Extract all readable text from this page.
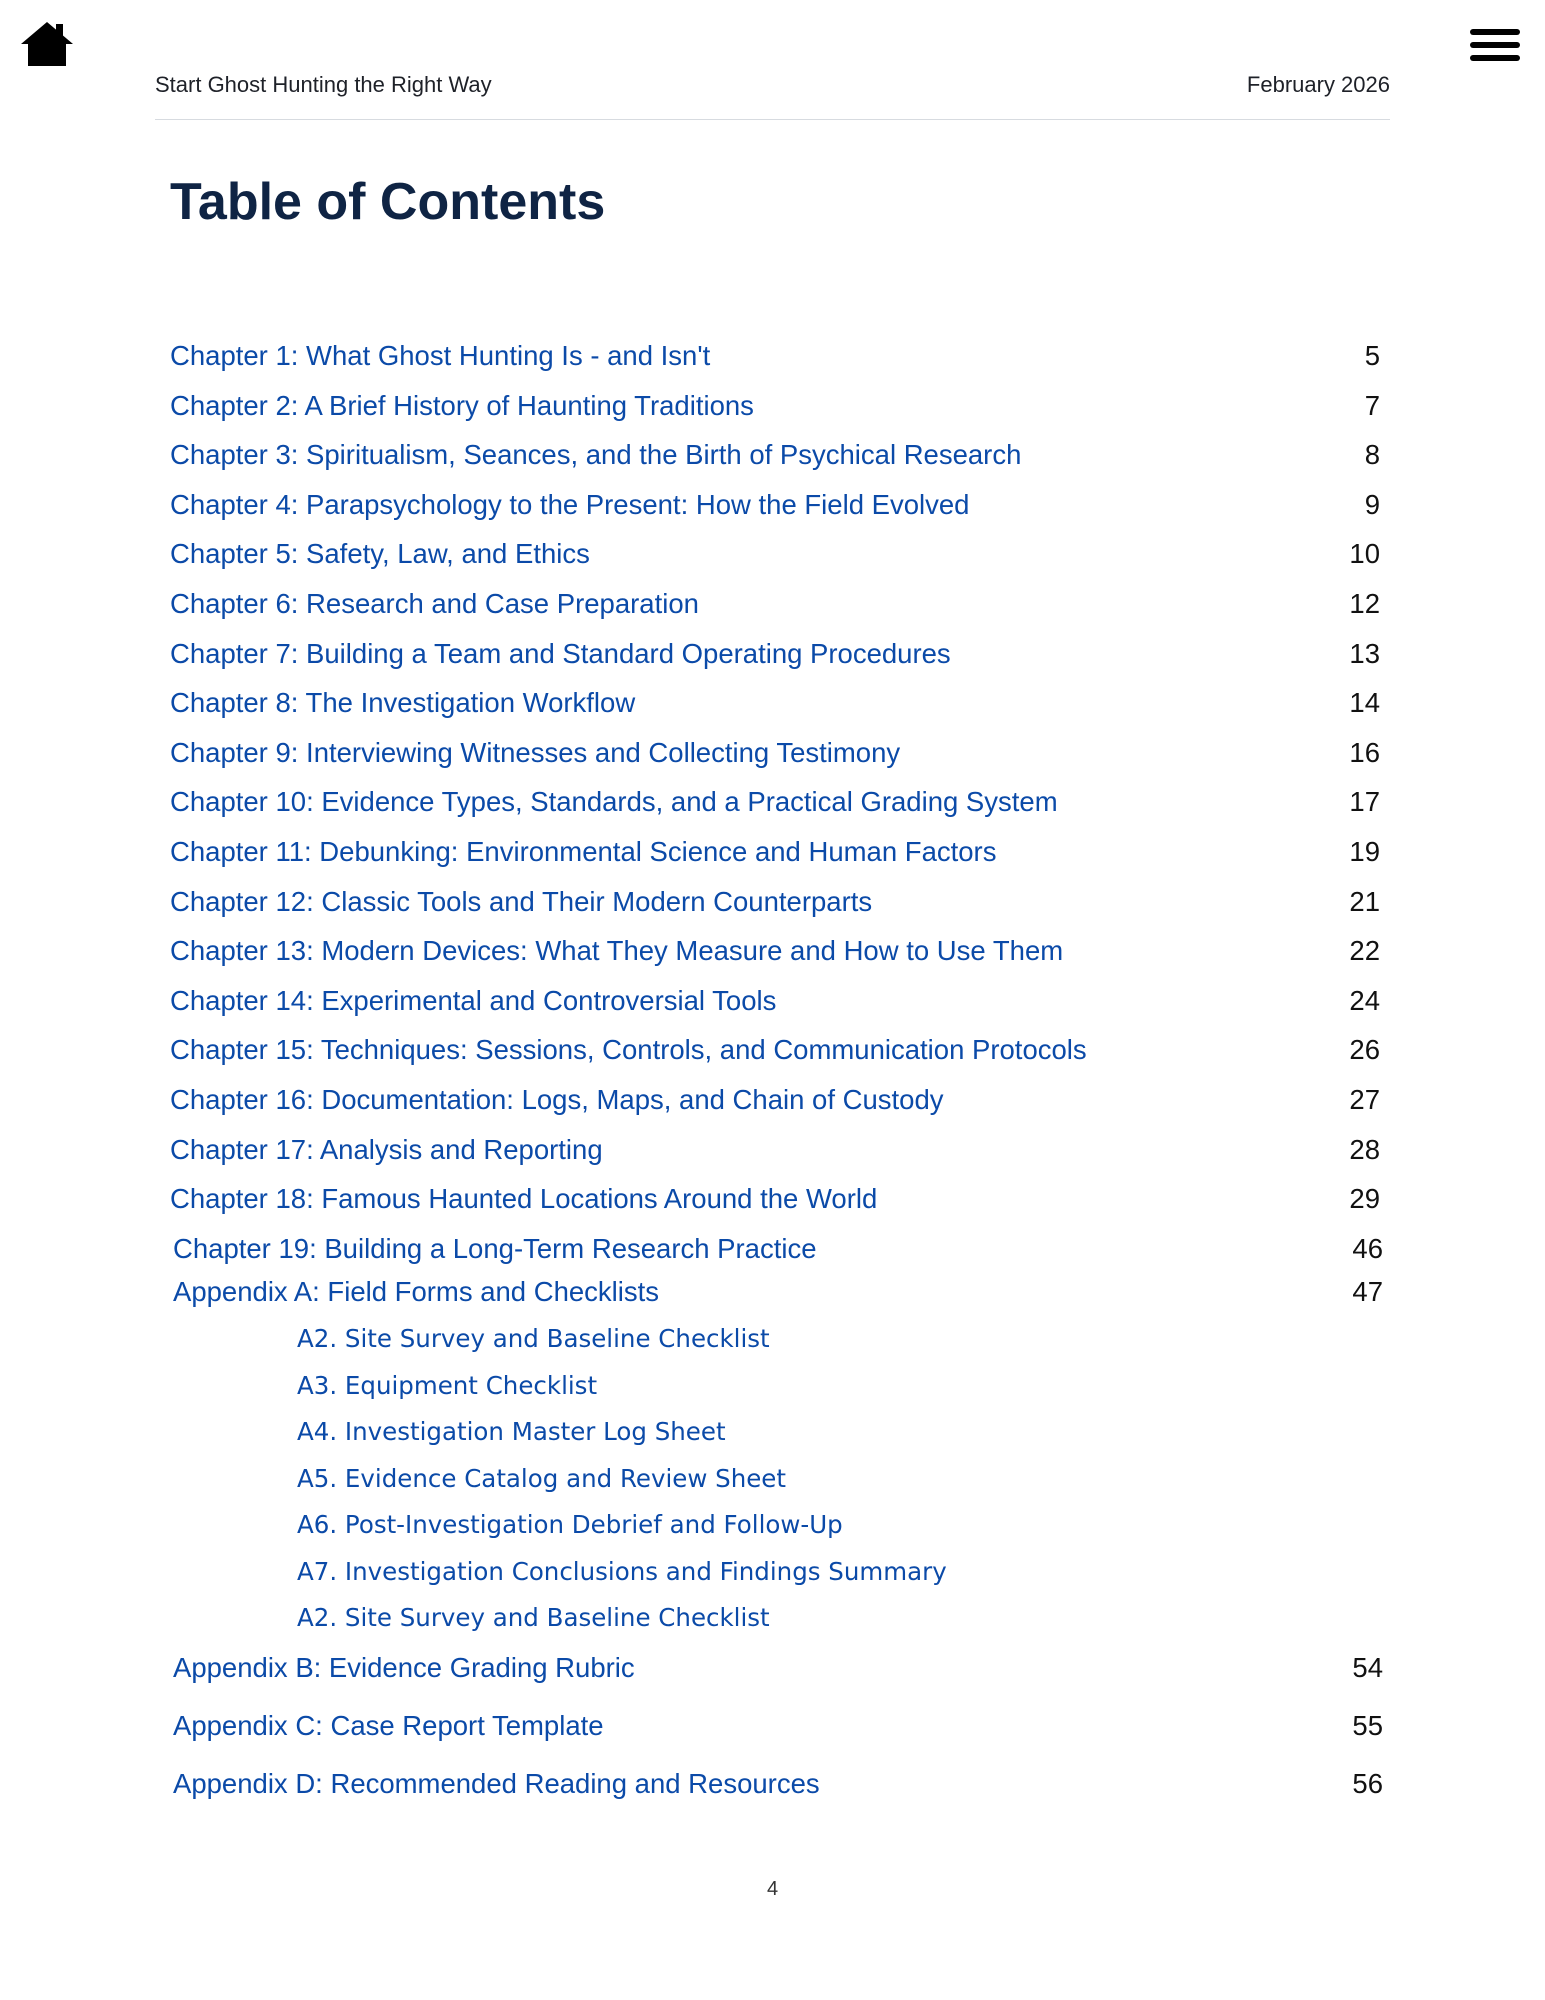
Start Ghost Hunting the Right Way	February 2026
Table of Contents
Chapter 1: What Ghost Hunting Is - and Isn't	5
Chapter 2: A Brief History of Haunting Traditions	7
Chapter 3: Spiritualism, Seances, and the Birth of Psychical Research	8
Chapter 4: Parapsychology to the Present: How the Field Evolved	9
Chapter 5: Safety, Law, and Ethics	10
Chapter 6: Research and Case Preparation	12
Chapter 7: Building a Team and Standard Operating Procedures	13
Chapter 8: The Investigation Workflow	14
Chapter 9: Interviewing Witnesses and Collecting Testimony	16
Chapter 10: Evidence Types, Standards, and a Practical Grading System	17
Chapter 11: Debunking: Environmental Science and Human Factors	19
Chapter 12: Classic Tools and Their Modern Counterparts	21
Chapter 13: Modern Devices: What They Measure and How to Use Them	22
Chapter 14: Experimental and Controversial Tools	24
Chapter 15: Techniques: Sessions, Controls, and Communication Protocols	26
Chapter 16: Documentation: Logs, Maps, and Chain of Custody	27
Chapter 17: Analysis and Reporting	28
Chapter 18: Famous Haunted Locations Around the World	29
Chapter 19: Building a Long-Term Research Practice	46
Appendix A: Field Forms and Checklists	47
A2. Site Survey and Baseline Checklist
A3. Equipment Checklist
A4. Investigation Master Log Sheet
A5. Evidence Catalog and Review Sheet
A6. Post-Investigation Debrief and Follow-Up
A7. Investigation Conclusions and Findings Summary
A2. Site Survey and Baseline Checklist
Appendix B: Evidence Grading Rubric	54
Appendix C: Case Report Template	55
Appendix D: Recommended Reading and Resources	56
4
